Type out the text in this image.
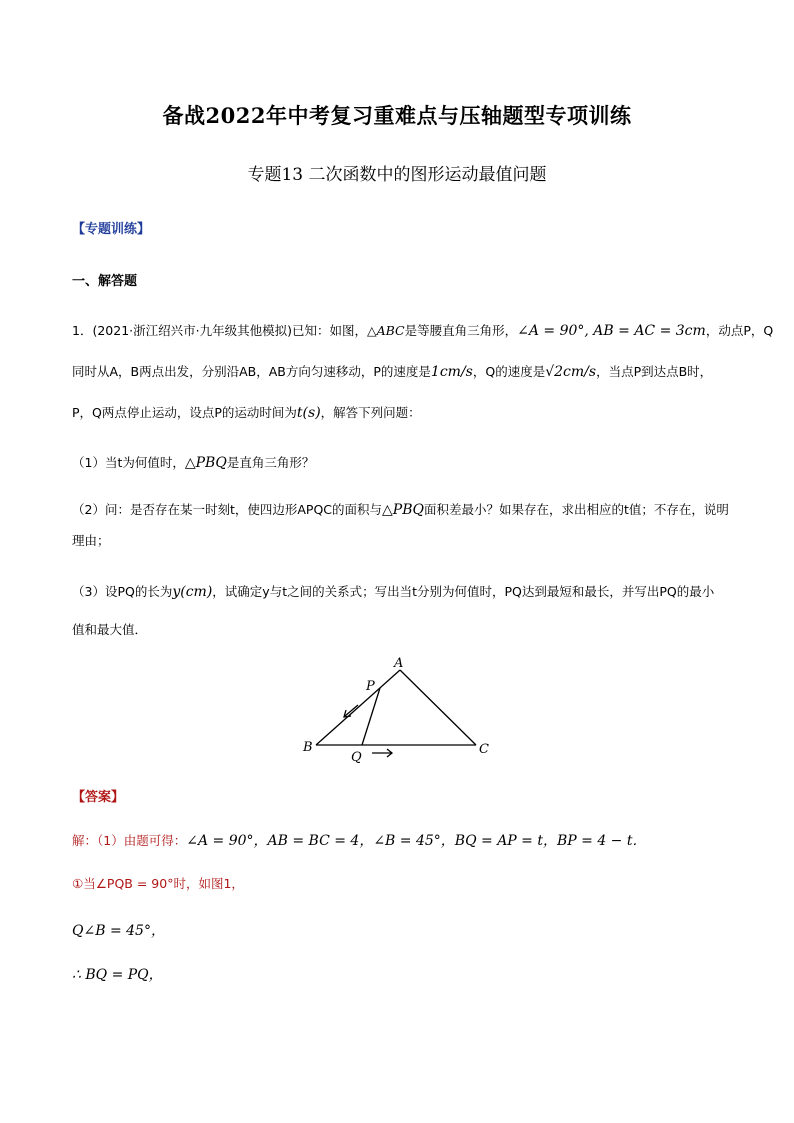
备战2022年中考复习重难点与压轴题型专项训练
专题13 二次函数中的图形运动最值问题
【专题训练】
一、解答题
1．(2021·浙江绍兴市·九年级其他模拟)已知：如图，△ABC是等腰直角三角形，∠A = 90°, AB = AC = 3cm，动点P，Q
同时从A，B两点出发，分别沿AB，AB方向匀速移动，P的速度是1cm/s，Q的速度是√2cm/s，当点P到达点B时，
P，Q两点停止运动，设点P的运动时间为t(s)，解答下列问题：
（1）当t为何值时，△PBQ是直角三角形？
（2）问：是否存在某一时刻t，使四边形APQC的面积与△PBQ面积差最小？如果存在，求出相应的t值；不存在，说明
理由；
（3）设PQ的长为y(cm)，试确定y与t之间的关系式；写出当t分别为何值时，PQ达到最短和最长，并写出PQ的最小
值和最大值．
A
P
B	C
Q
【答案】
解：（1）由题可得：∠A = 90°，AB = BC = 4，∠B = 45°，BQ = AP = t，BP = 4 − t．
①当∠PQB = 90°时，如图1，
Q∠B = 45°，
∴ BQ = PQ，
